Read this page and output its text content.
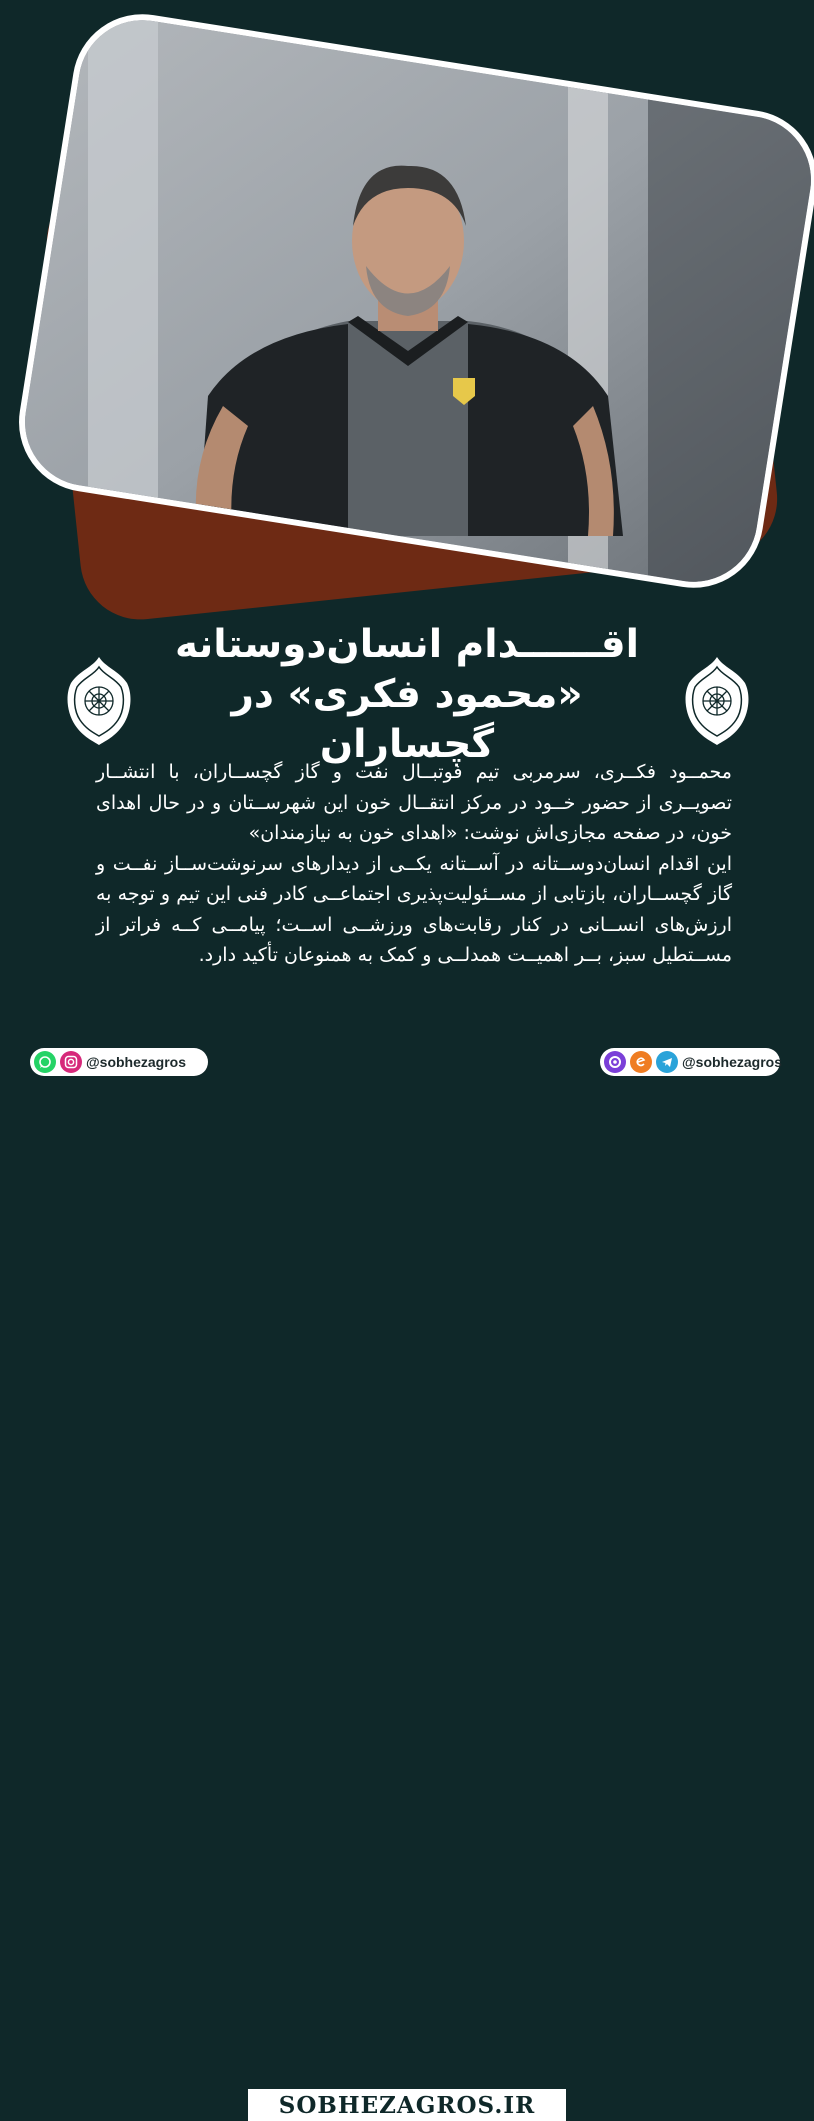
اقــــــدام انسان‌دوستانه
«محمود فکری» در گچساران

محمــود فکــری، سرمربی تیم فوتبــال نفت و گاز گچســاران، با انتشــار تصویــری از حضور خــود در مرکز انتقــال خون این شهرســتان و در حال اهدای خون، در صفحه مجازی‌اش نوشت: «اهدای خون به نیازمندان»

این اقدام انسان‌دوســتانه در آســتانه یکــی از دیدارهای سرنوشت‌ســاز نفــت و گاز گچســاران، بازتابی از مســئولیت‌پذیری اجتماعــی کادر فنی این تیم و توجه به ارزش‌های انســانی در کنار رقابت‌های ورزشــی اســت؛ پیامــی کــه فراتر از مســتطیل سبز، بــر اهمیــت همدلــی و کمک به همنوعان تأکید دارد.

@sobhezagros
SOBHEZAGROS.IR
@sobhezagros
